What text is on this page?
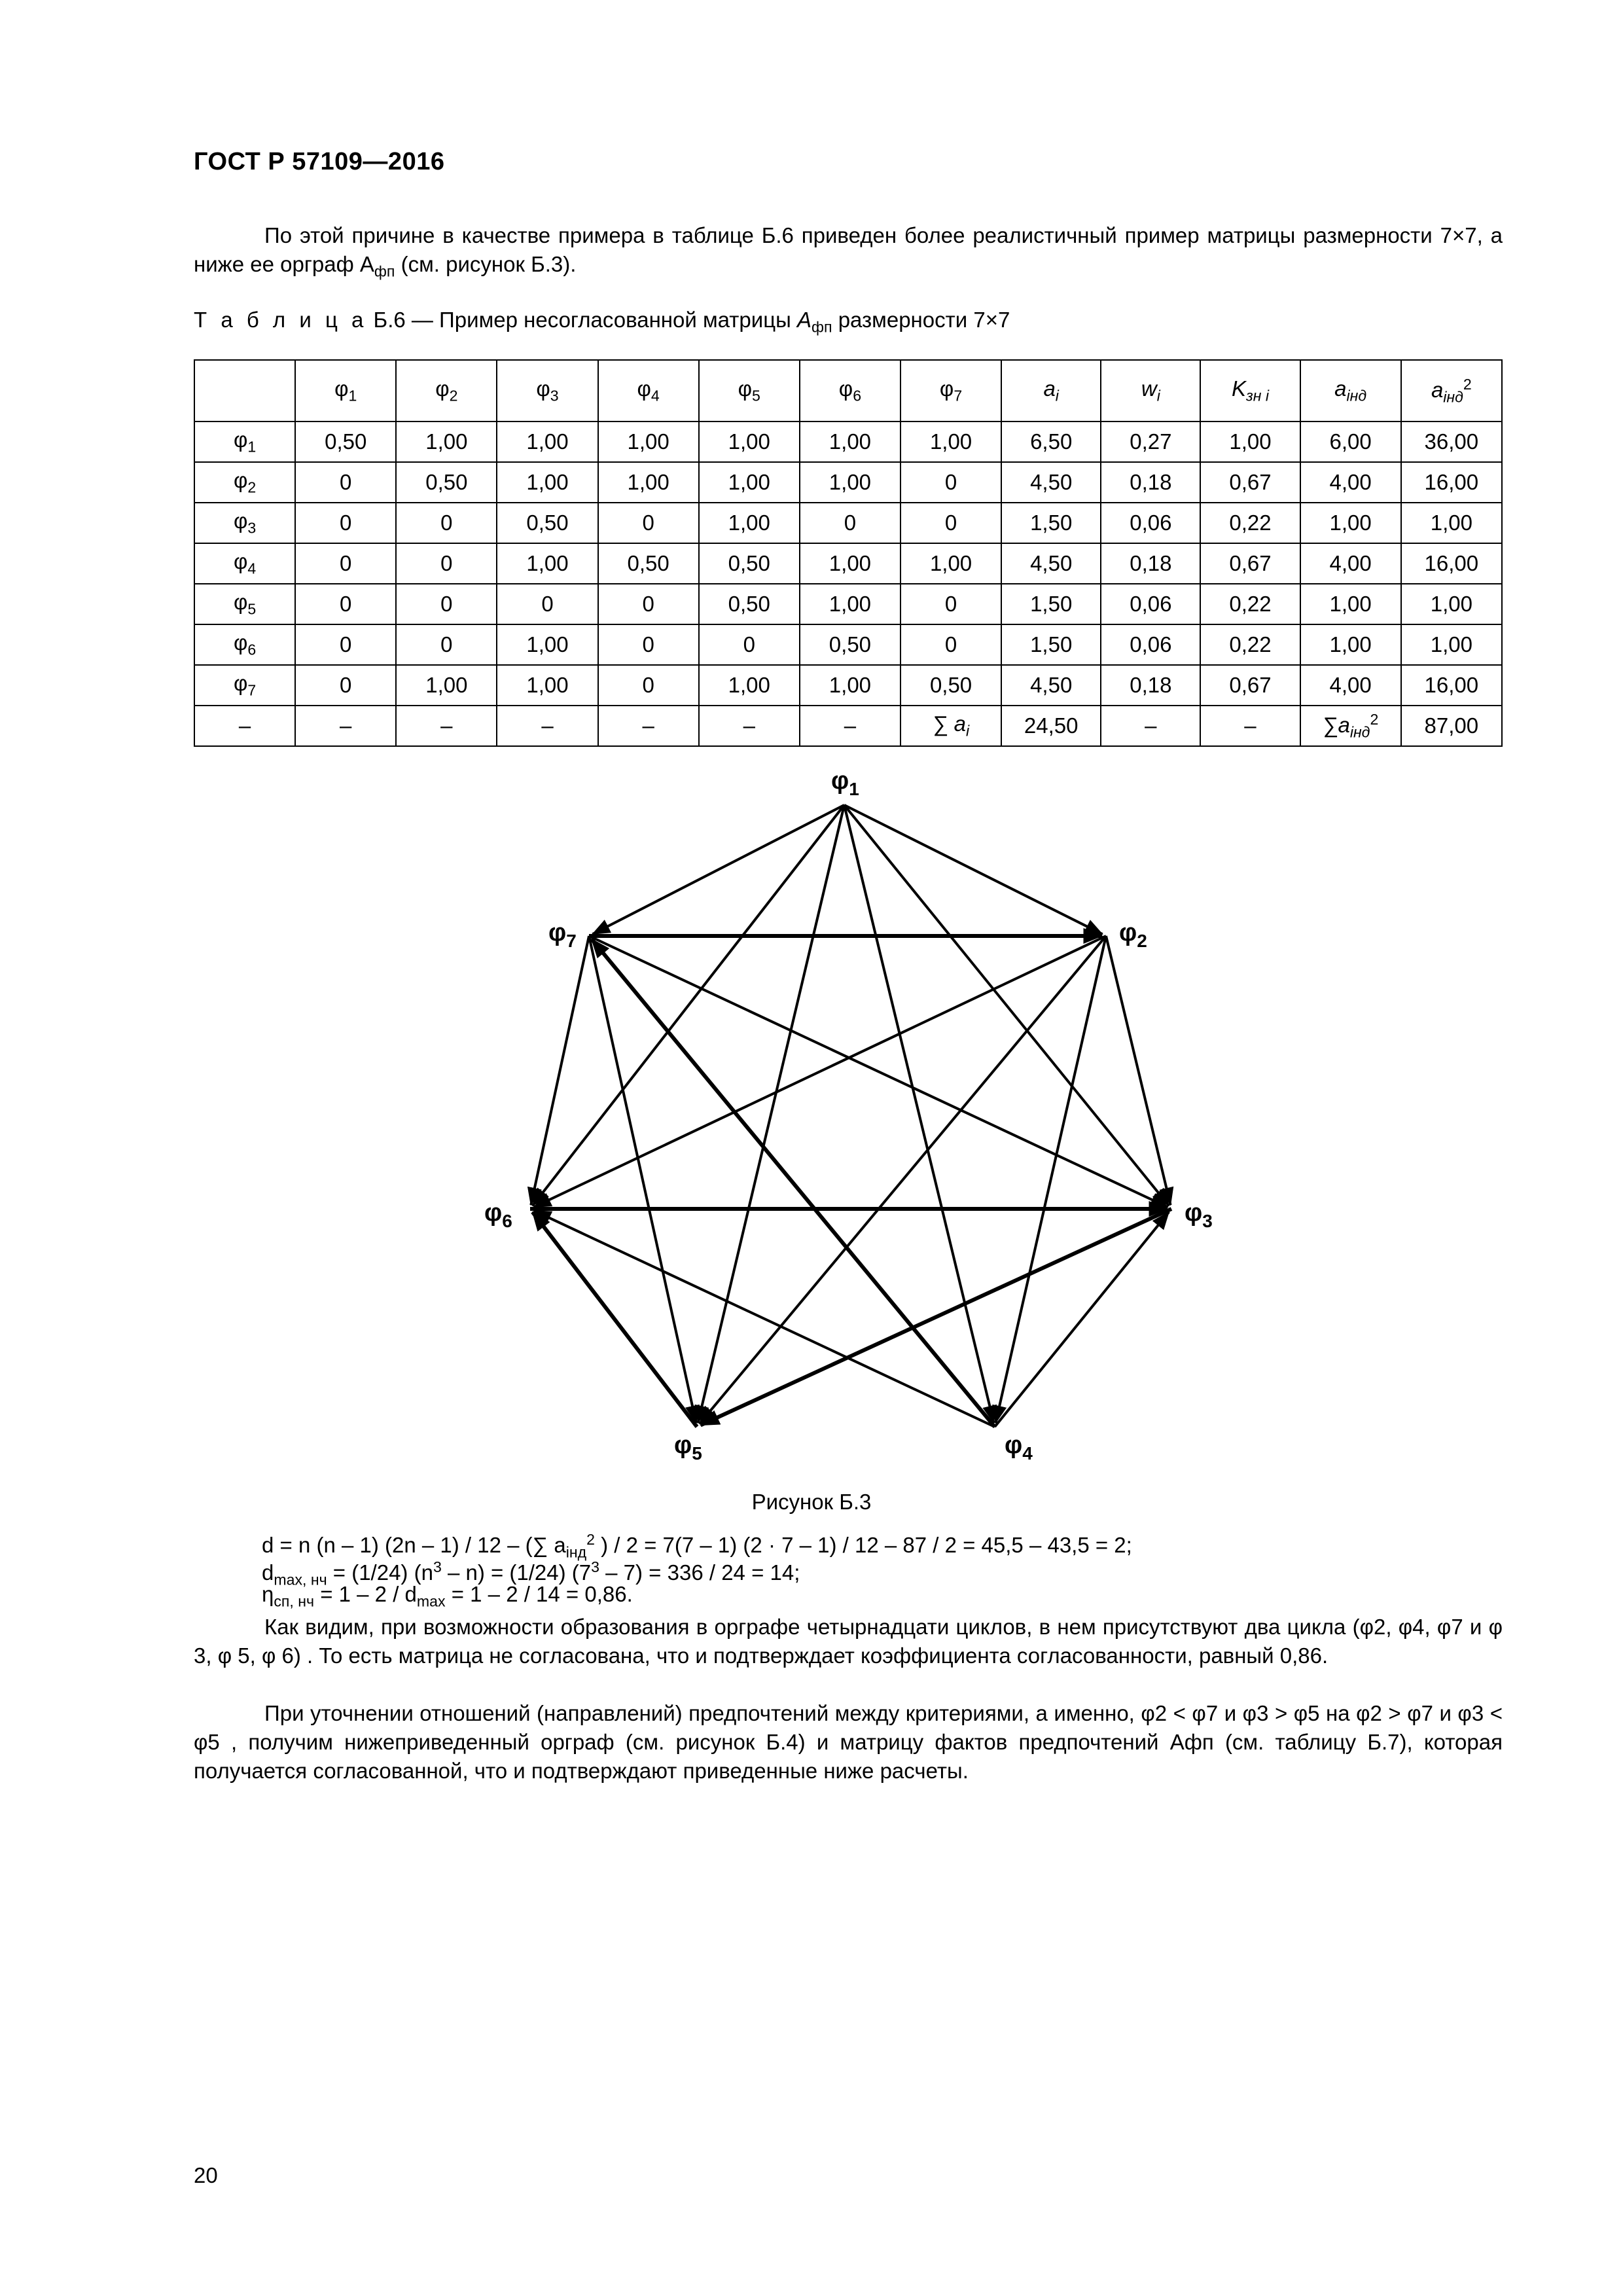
ГОСТ Р 57109—2016
По этой причине в качестве примера в таблице Б.6 приведен более реалистичный пример матрицы размерности 7×7, а ниже ее орграф $A_{фп}$ (см. рисунок Б.3).
Т а б л и ц а Б.6 — Пример несогласованной матрицы $A_{фп}$ размерности 7×7
	$\varphi_1$	$\varphi_2$	$\varphi_3$	$\varphi_4$	$\varphi_5$	$\varphi_6$	$\varphi_7$	$a_i$	$w_i$	$K_{зн i}$	$a_{iнд}$	$a_{iнд}^2$
$\varphi_1$	0,50	1,00	1,00	1,00	1,00	1,00	1,00	6,50	0,27	1,00	6,00	36,00
$\varphi_2$	0	0,50	1,00	1,00	1,00	1,00	0	4,50	0,18	0,67	4,00	16,00
$\varphi_3$	0	0	0,50	0	1,00	0	0	1,50	0,06	0,22	1,00	1,00
$\varphi_4$	0	0	1,00	0,50	0,50	1,00	1,00	4,50	0,18	0,67	4,00	16,00
$\varphi_5$	0	0	0	0	0,50	1,00	0	1,50	0,06	0,22	1,00	1,00
$\varphi_6$	0	0	1,00	0	0	0,50	0	1,50	0,06	0,22	1,00	1,00
$\varphi_7$	0	1,00	1,00	0	1,00	1,00	0,50	4,50	0,18	0,67	4,00	16,00
–	–	–	–	–	–	–	∑ $a_i$	24,50	–	–	$\sum a_{iнд}^2$	87,00
$\varphi_1$
$\varphi_2$
$\varphi_3$
$\varphi_4$
$\varphi_5$
$\varphi_6$
$\varphi_7$
Рисунок Б.3
d = n (n – 1) (2n – 1) / 12 – (∑ $a_{iнд}^2$ ) / 2 = 7(7 – 1) (2 · 7 – 1) / 12 – 87 / 2 = 45,5 – 43,5 = 2;
$d_{max, нч} = (1/24)$ $(n^3 - n) = (1/24)$ $(7^3 - 7) = 336 / 24 = 14$;
$\eta_{сп, нч} = 1 - 2 / d_{max} = 1 - 2 / 14 = 0,86$.
Как видим, при возможности образования в орграфе четырнадцати циклов, в нем присутствуют два цикла (φ2, φ4, φ7 и φ 3, φ 5, φ 6) . То есть матрица не согласована, что и подтверждает коэффициента согласованности, равный 0,86.
При уточнении отношений (направлений) предпочтений между критериями, а именно, φ2 < φ7 и φ3 > φ5 на φ2 > φ7 и φ3 < φ5 , получим нижеприведенный орграф (см. рисунок Б.4) и матрицу фактов предпочтений Aфп (см. таблицу Б.7), которая получается согласованной, что и подтверждают приведенные ниже расчеты.
20
